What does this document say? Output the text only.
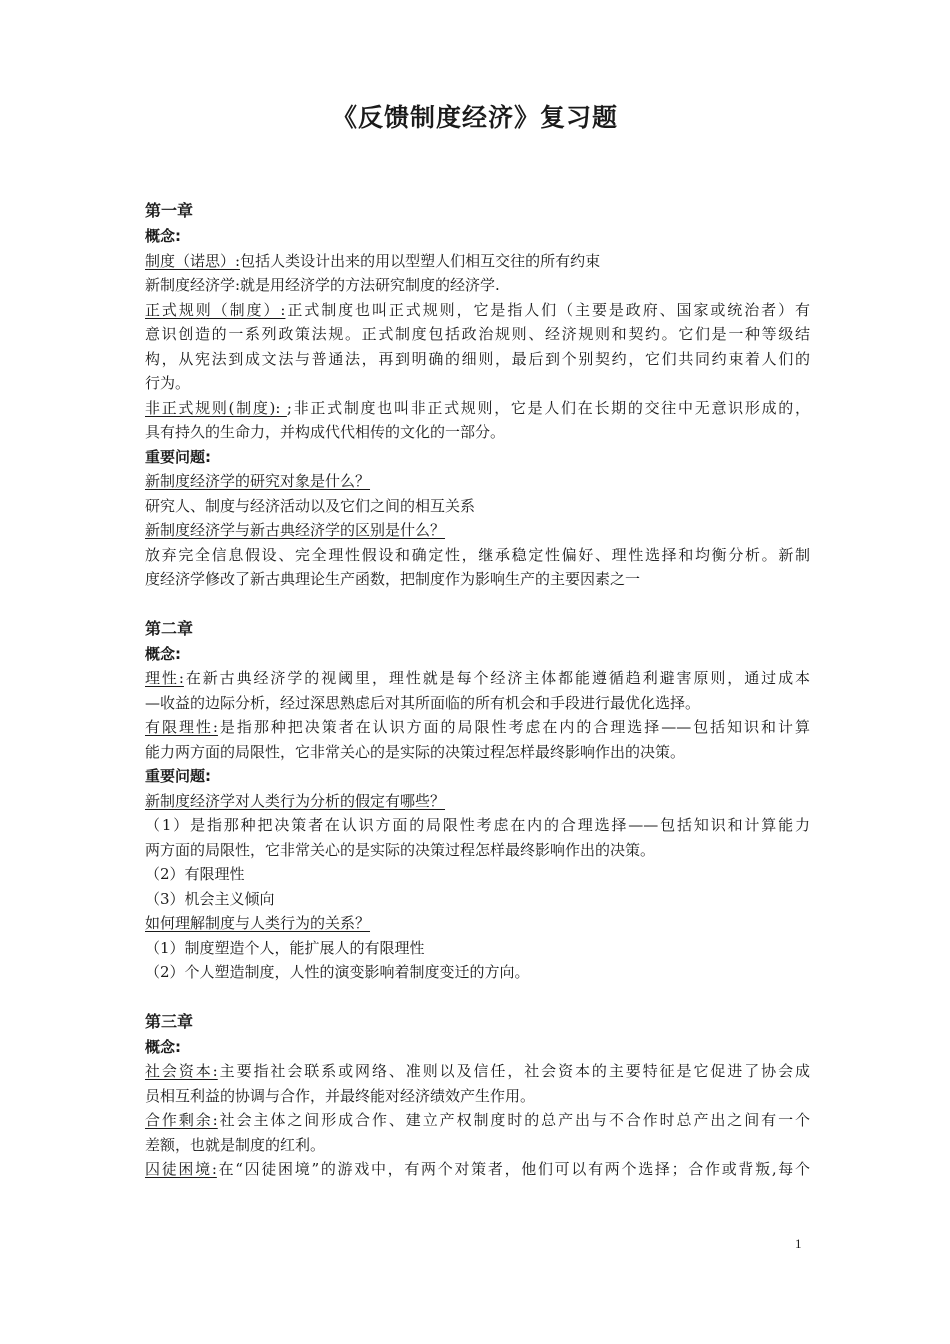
《反馈制度经济》复习题
第一章
概念:
制度（诺思）:包括人类设计出来的用以型塑人们相互交往的所有约束
新制度经济学:就是用经济学的方法研究制度的经济学.
正式规则（制度）:正式制度也叫正式规则，它是指人们（主要是政府、国家或统治者）有
意识创造的一系列政策法规。正式制度包括政治规则、经济规则和契约。它们是一种等级结
构，从宪法到成文法与普通法，再到明确的细则，最后到个别契约，它们共同约束着人们的
行为。
非正式规则(制度): ;非正式制度也叫非正式规则，它是人们在长期的交往中无意识形成的，
具有持久的生命力，并构成代代相传的文化的一部分。
重要问题:
新制度经济学的研究对象是什么？
研究人、制度与经济活动以及它们之间的相互关系
新制度经济学与新古典经济学的区别是什么？
放弃完全信息假设、完全理性假设和确定性，继承稳定性偏好、理性选择和均衡分析。新制
度经济学修改了新古典理论生产函数，把制度作为影响生产的主要因素之一
第二章
概念:
理性:在新古典经济学的视阈里，理性就是每个经济主体都能遵循趋利避害原则，通过成本
—收益的边际分析，经过深思熟虑后对其所面临的所有机会和手段进行最优化选择。
有限理性:是指那种把决策者在认识方面的局限性考虑在内的合理选择——包括知识和计算
能力两方面的局限性，它非常关心的是实际的决策过程怎样最终影响作出的决策。
重要问题:
新制度经济学对人类行为分析的假定有哪些？
（1）是指那种把决策者在认识方面的局限性考虑在内的合理选择——包括知识和计算能力
两方面的局限性，它非常关心的是实际的决策过程怎样最终影响作出的决策。
（2）有限理性
（3）机会主义倾向
如何理解制度与人类行为的关系？
（1）制度塑造个人，能扩展人的有限理性
（2）个人塑造制度，人性的演变影响着制度变迁的方向。
第三章
概念:
社会资本:主要指社会联系或网络、准则以及信任，社会资本的主要特征是它促进了协会成
员相互利益的协调与合作，并最终能对经济绩效产生作用。
合作剩余:社会主体之间形成合作、建立产权制度时的总产出与不合作时总产出之间有一个
差额，也就是制度的红利。
囚徒困境:在“囚徒困境”的游戏中，有两个对策者，他们可以有两个选择；合作或背叛,每个
1
